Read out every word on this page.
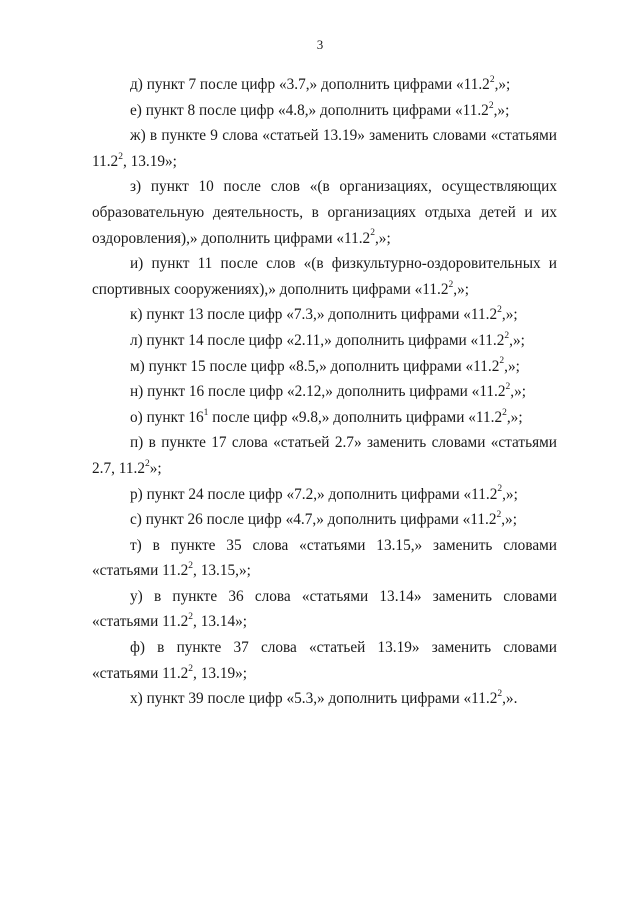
3

д) пункт 7 после цифр «3.7,» дополнить цифрами «11.2$^2$,»;

е) пункт 8 после цифр «4.8,» дополнить цифрами «11.2$^2$,»;

ж) в пункте 9 слова «статьей 13.19» заменить словами «статьями 11.2$^2$, 13.19»;

з) пункт 10 после слов «(в организациях, осуществляющих образовательную деятельность, в организациях отдыха детей и их оздоровления),» дополнить цифрами «11.2$^2$,»;

и) пункт 11 после слов «(в физкультурно-оздоровительных и спортивных сооружениях),» дополнить цифрами «11.2$^2$,»;

к) пункт 13 после цифр «7.3,» дополнить цифрами «11.2$^2$,»;

л) пункт 14 после цифр «2.11,» дополнить цифрами «11.2$^2$,»;

м) пункт 15 после цифр «8.5,» дополнить цифрами «11.2$^2$,»;

н) пункт 16 после цифр «2.12,» дополнить цифрами «11.2$^2$,»;

о) пункт $16^1$ после цифр «9.8,» дополнить цифрами «11.2$^2$,»;

п) в пункте 17 слова «статьей 2.7» заменить словами «статьями 2.7, 11.2$^2$»;

р) пункт 24 после цифр «7.2,» дополнить цифрами «11.2$^2$,»;

с) пункт 26 после цифр «4.7,» дополнить цифрами «11.2$^2$,»;

т) в пункте 35 слова «статьями 13.15,» заменить словами «статьями 11.2$^2$, 13.15,»;

у) в пункте 36 слова «статьями 13.14» заменить словами «статьями 11.2$^2$, 13.14»;

ф) в пункте 37 слова «статьей 13.19» заменить словами «статьями 11.2$^2$, 13.19»;

х) пункт 39 после цифр «5.3,» дополнить цифрами «11.2$^2$,».
